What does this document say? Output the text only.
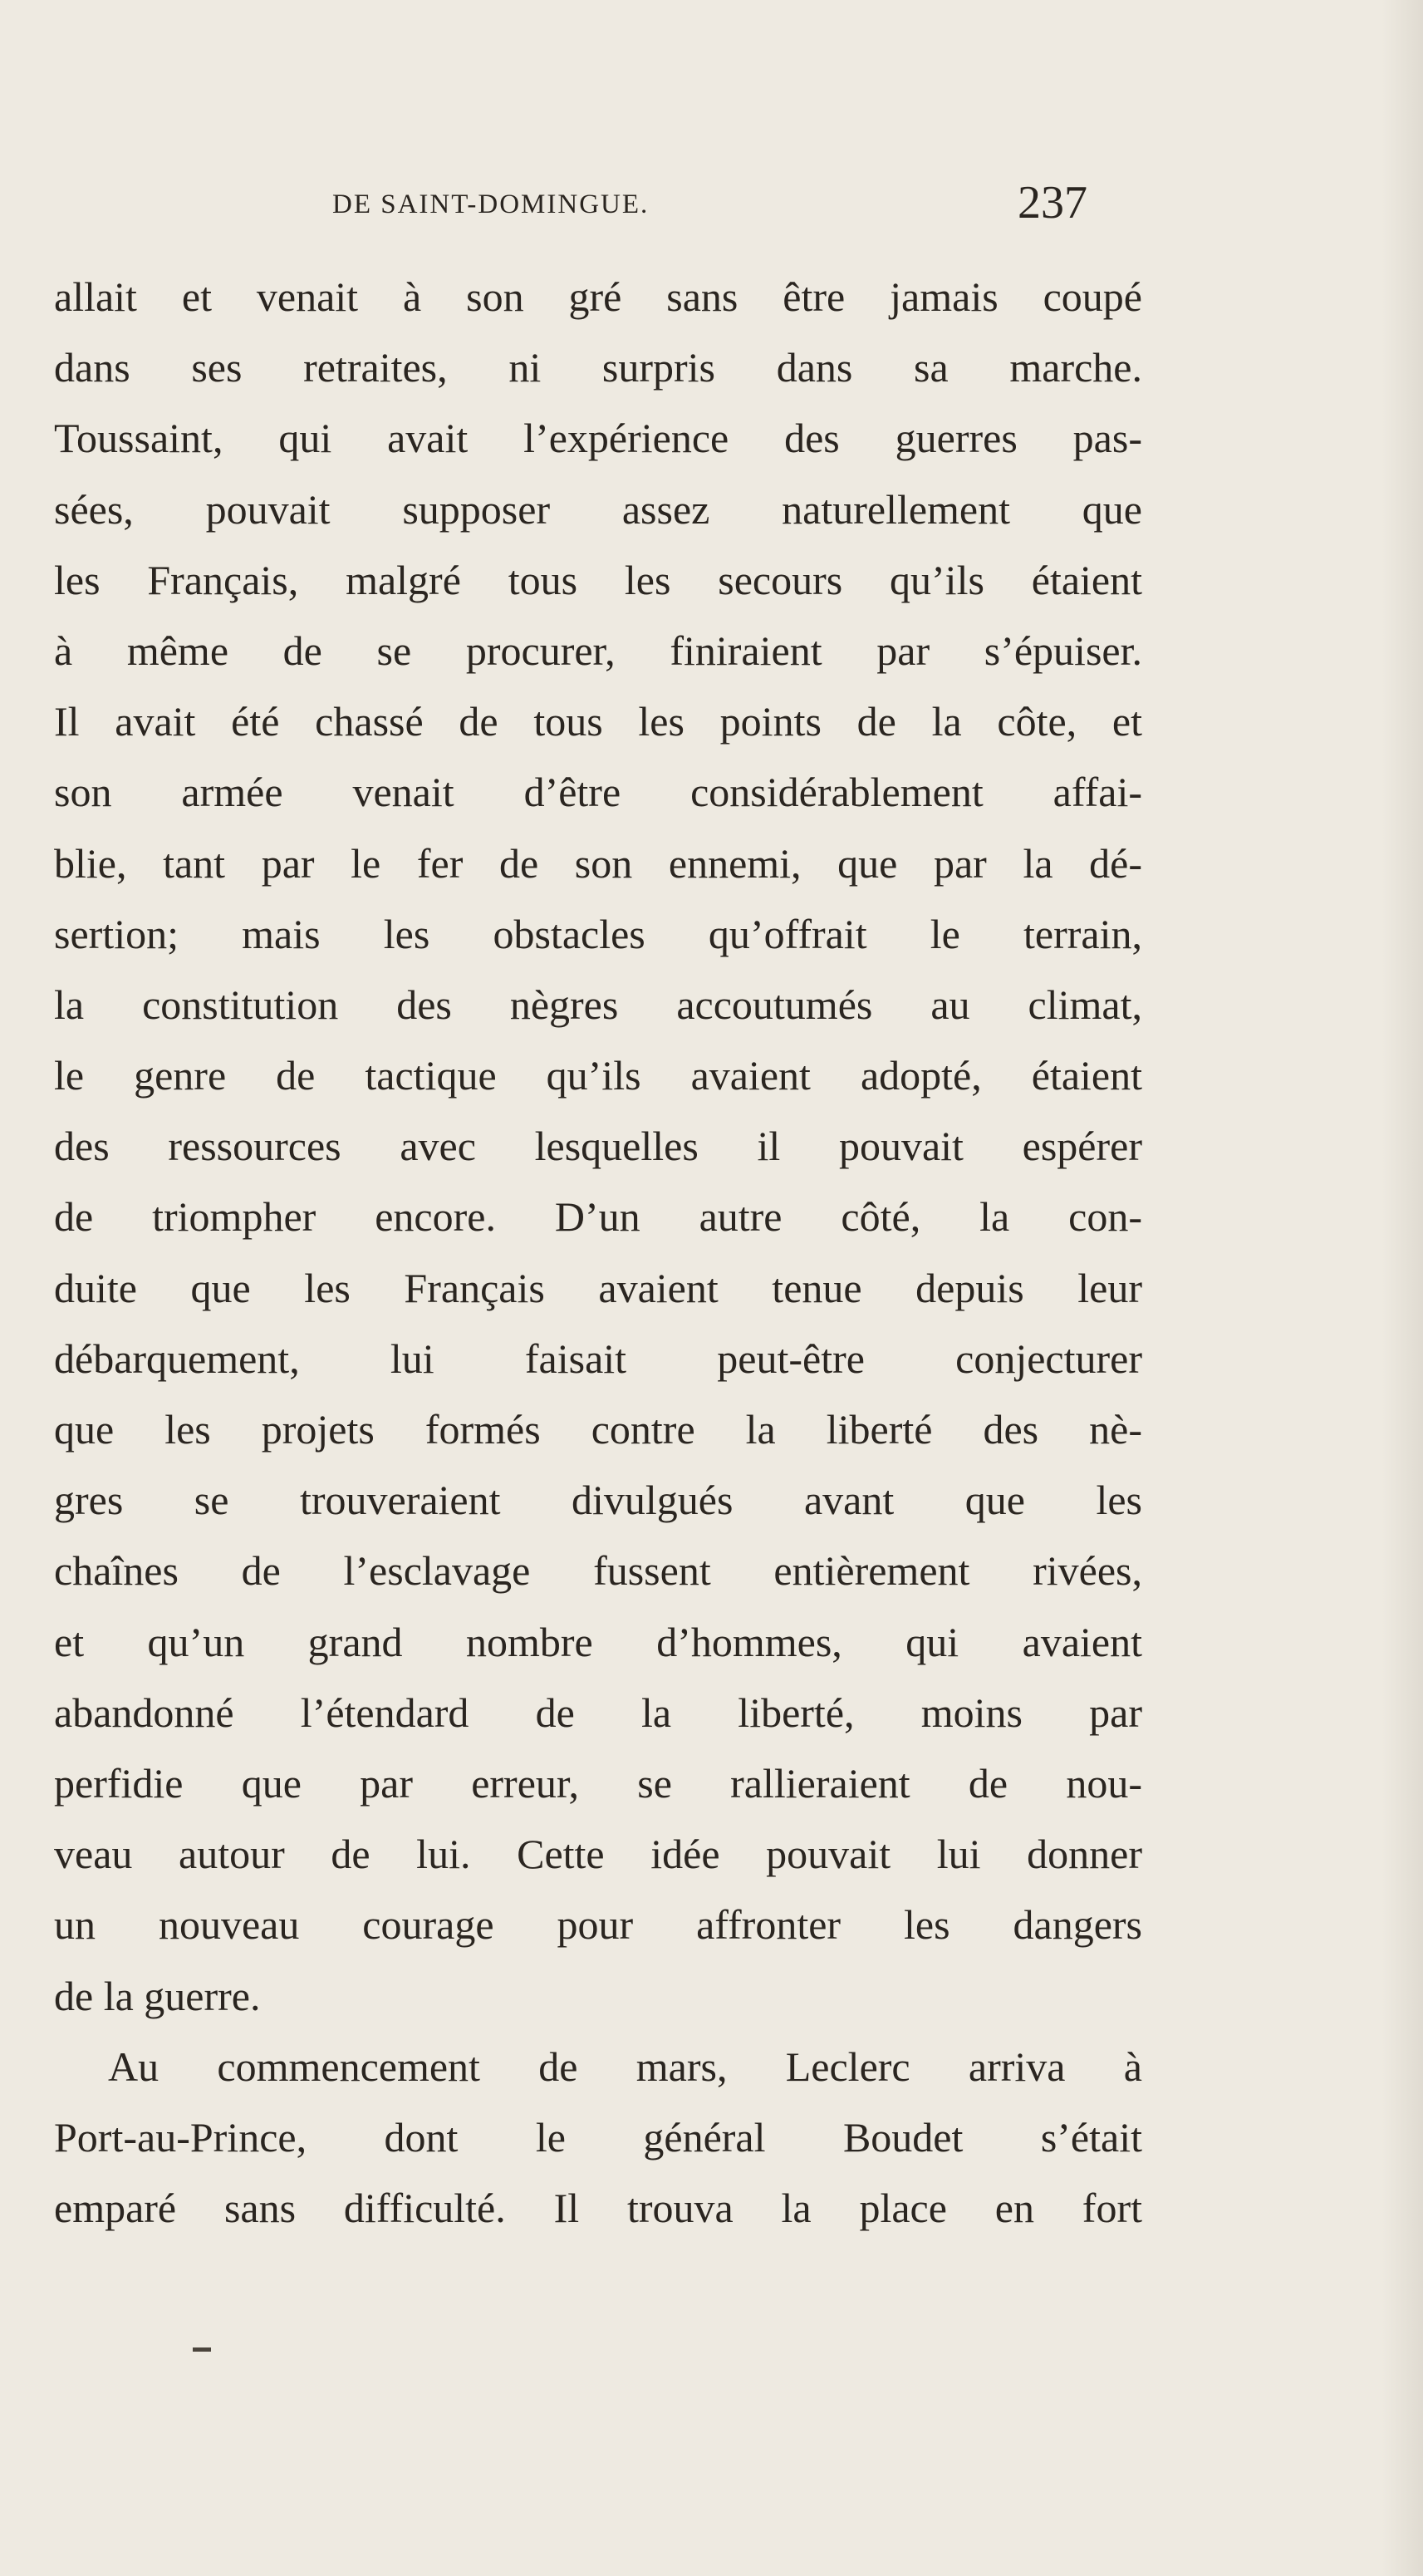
DE SAINT-DOMINGUE.	237
allait et venait à son gré sans être jamais coupé
dans ses retraites, ni surpris dans sa marche.
Toussaint, qui avait l’expérience des guerres pas-
sées, pouvait supposer assez naturellement que
les Français, malgré tous les secours qu’ils étaient
à même de se procurer, finiraient par s’épuiser.
Il avait été chassé de tous les points de la côte, et
son armée venait d’être considérablement affai-
blie, tant par le fer de son ennemi, que par la dé-
sertion; mais les obstacles qu’offrait le terrain,
la constitution des nègres accoutumés au climat,
le genre de tactique qu’ils avaient adopté, étaient
des ressources avec lesquelles il pouvait espérer
de triompher encore. D’un autre côté, la con-
duite que les Français avaient tenue depuis leur
débarquement, lui faisait peut-être conjecturer
que les projets formés contre la liberté des nè-
gres se trouveraient divulgués avant que les
chaînes de l’esclavage fussent entièrement rivées,
et qu’un grand nombre d’hommes, qui avaient
abandonné l’étendard de la liberté, moins par
perfidie que par erreur, se rallieraient de nou-
veau autour de lui. Cette idée pouvait lui donner
un nouveau courage pour affronter les dangers
de la guerre.
Au commencement de mars, Leclerc arriva à
Port-au-Prince, dont le général Boudet s’était
emparé sans difficulté. Il trouva la place en fort
